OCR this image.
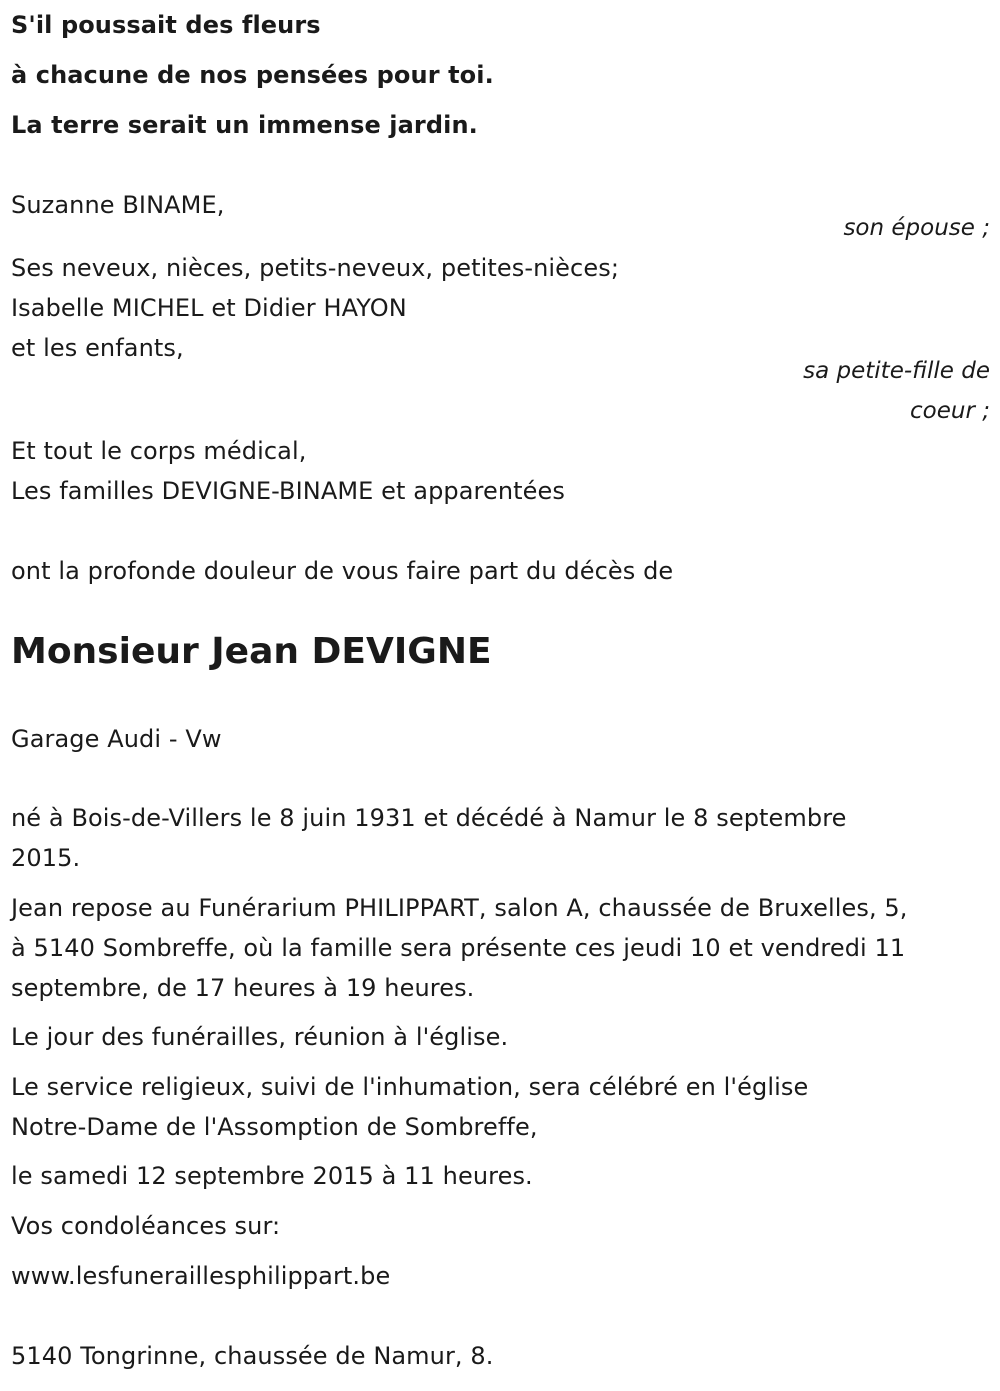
S'il poussait des fleurs
à chacune de nos pensées pour toi.
La terre serait un immense jardin.
Suzanne BINAME,
son épouse ;
Ses neveux, nièces, petits-neveux, petites-nièces;
Isabelle MICHEL et Didier HAYON
et les enfants,
sa petite-fille de
coeur ;
Et tout le corps médical,
Les familles DEVIGNE-BINAME et apparentées
ont la profonde douleur de vous faire part du décès de
Monsieur Jean DEVIGNE
Garage Audi - Vw
né à Bois-de-Villers le 8 juin 1931 et décédé à Namur le 8 septembre
2015.
Jean repose au Funérarium PHILIPPART, salon A, chaussée de Bruxelles, 5,
à 5140 Sombreffe, où la famille sera présente ces jeudi 10 et vendredi 11
septembre, de 17 heures à 19 heures.
Le jour des funérailles, réunion à l'église.
Le service religieux, suivi de l'inhumation, sera célébré en l'église
Notre-Dame de l'Assomption de Sombreffe,
le samedi 12 septembre 2015 à 11 heures.
Vos condoléances sur:
www.lesfuneraillesphilippart.be
5140 Tongrinne, chaussée de Namur, 8.
